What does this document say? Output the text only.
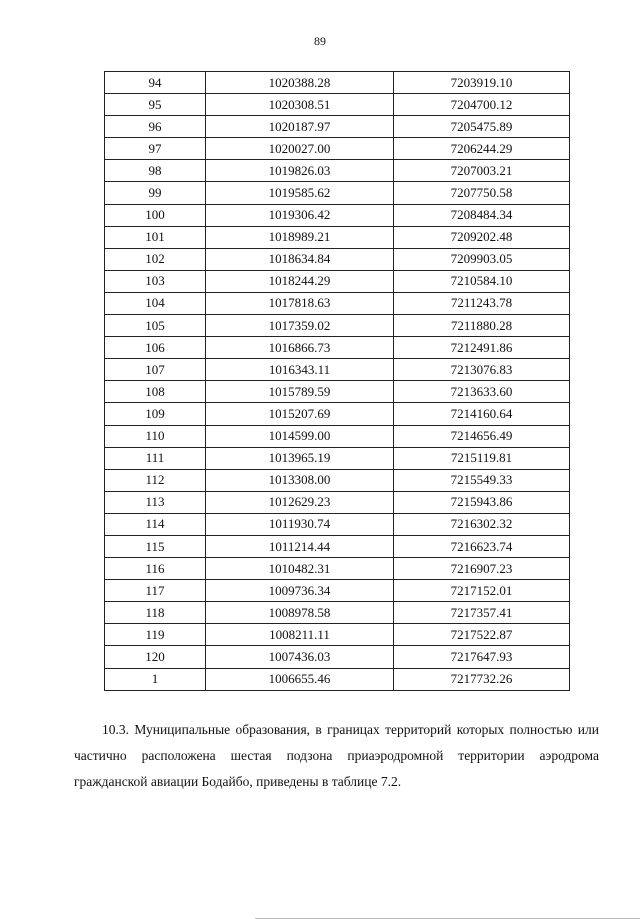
89
94	1020388.28	7203919.10
95	1020308.51	7204700.12
96	1020187.97	7205475.89
97	1020027.00	7206244.29
98	1019826.03	7207003.21
99	1019585.62	7207750.58
100	1019306.42	7208484.34
101	1018989.21	7209202.48
102	1018634.84	7209903.05
103	1018244.29	7210584.10
104	1017818.63	7211243.78
105	1017359.02	7211880.28
106	1016866.73	7212491.86
107	1016343.11	7213076.83
108	1015789.59	7213633.60
109	1015207.69	7214160.64
110	1014599.00	7214656.49
111	1013965.19	7215119.81
112	1013308.00	7215549.33
113	1012629.23	7215943.86
114	1011930.74	7216302.32
115	1011214.44	7216623.74
116	1010482.31	7216907.23
117	1009736.34	7217152.01
118	1008978.58	7217357.41
119	1008211.11	7217522.87
120	1007436.03	7217647.93
1	1006655.46	7217732.26

10.3. Муниципальные образования, в границах территорий которых полностью или частично расположена шестая подзона приаэродромной территории аэродрома гражданской авиации Бодайбо, приведены в таблице 7.2.
